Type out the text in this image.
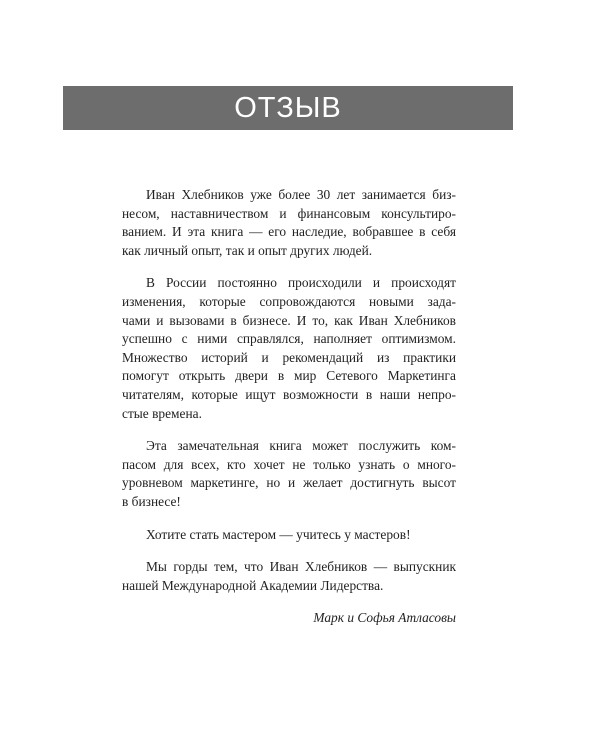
ОТЗЫВ
Иван Хлебников уже более 30 лет занимается биз-
несом, наставничеством и финансовым консультиро-
ванием. И эта книга — его наследие, вобравшее в себя
как личный опыт, так и опыт других людей.
В России постоянно происходили и происходят
изменения, которые сопровождаются новыми зада-
чами и вызовами в бизнесе. И то, как Иван Хлебников
успешно с ними справлялся, наполняет оптимизмом.
Множество историй и рекомендаций из практики
помогут открыть двери в мир Сетевого Маркетинга
читателям, которые ищут возможности в наши непро-
стые времена.
Эта замечательная книга может послужить ком-
пасом для всех, кто хочет не только узнать о много-
уровневом маркетинге, но и желает достигнуть высот
в бизнесе!
Хотите стать мастером — учитесь у мастеров!
Мы горды тем, что Иван Хлебников — выпускник
нашей Международной Академии Лидерства.

Марк и Софья Атласовы
